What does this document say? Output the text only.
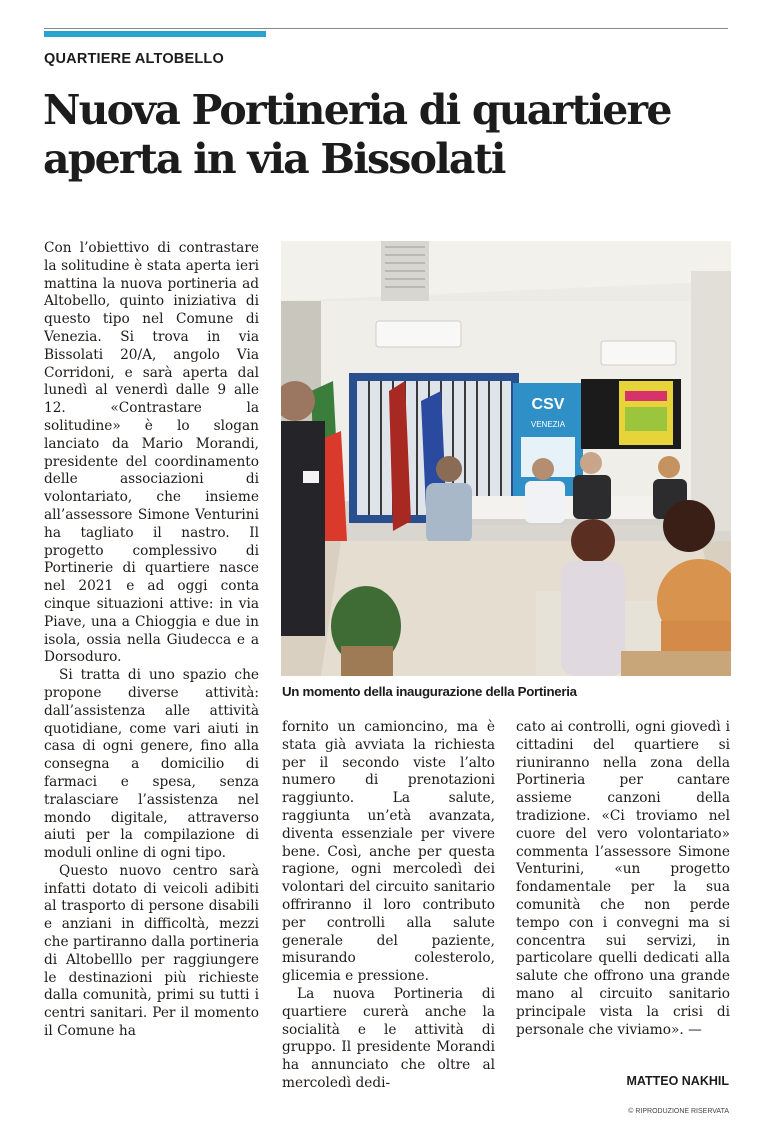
QUARTIERE ALTOBELLO
Nuova Portineria di quartiere
aperta in via Bissolati

Con l’obiettivo di contrastare la solitudine è stata aperta ieri mattina la nuova portineria ad Altobello, quinto iniziativa di questo tipo nel Comune di Venezia. Si trova in via Bissolati 20/A, angolo Via Corridoni, e sarà aperta dal lunedì al venerdì dalle 9 alle 12. «Contrastare la solitudine» è lo slogan lanciato da Mario Morandi, presidente del coordinamento delle associazioni di volontariato, che insieme all’assessore Simone Venturini ha tagliato il nastro. Il progetto complessivo di Portinerie di quartiere nasce nel 2021 e ad oggi conta cinque situazioni attive: in via Piave, una a Chioggia e due in isola, ossia nella Giudecca e a Dorsoduro.

Si tratta di uno spazio che propone diverse attività: dall’assistenza alle attività quotidiane, come vari aiuti in casa di ogni genere, fino alla consegna a domicilio di farmaci e spesa, senza tralasciare l’assistenza nel mondo digitale, attraverso aiuti per la compilazione di moduli online di ogni tipo.

Questo nuovo centro sarà infatti dotato di veicoli adibiti al trasporto di persone disabili e anziani in difficoltà, mezzi che partiranno dalla portineria di Altobelllo per raggiungere le destinazioni più richieste dalla comunità, primi su tutti i centri sanitari. Per il momento il Comune ha

CSV
VENEZIA
Un momento della inaugurazione della Portineria

fornito un camioncino, ma è stata già avviata la richiesta per il secondo viste l’alto numero di prenotazioni raggiunto. La salute, raggiunta un’età avanzata, diventa essenziale per vivere bene. Così, anche per questa ragione, ogni mercoledì dei volontari del circuito sanitario offriranno il loro contributo per controlli alla salute generale del paziente, misurando colesterolo, glicemia e pressione.

La nuova Portineria di quartiere curerà anche la socialità e le attività di gruppo. Il presidente Morandi ha annunciato che oltre al mercoledì dedi-

cato ai controlli, ogni giovedì i cittadini del quartiere si riuniranno nella zona della Portineria per cantare assieme canzoni della tradizione. «Ci troviamo nel cuore del vero volontariato» commenta l’assessore Simone Venturini, «un progetto fondamentale per la sua comunità che non perde tempo con i convegni ma si concentra sui servizi, in particolare quelli dedicati alla salute che offrono una grande mano al circuito sanitario principale vista la crisi di personale che viviamo». —

MATTEO NAKHIL
© RIPRODUZIONE RISERVATA
